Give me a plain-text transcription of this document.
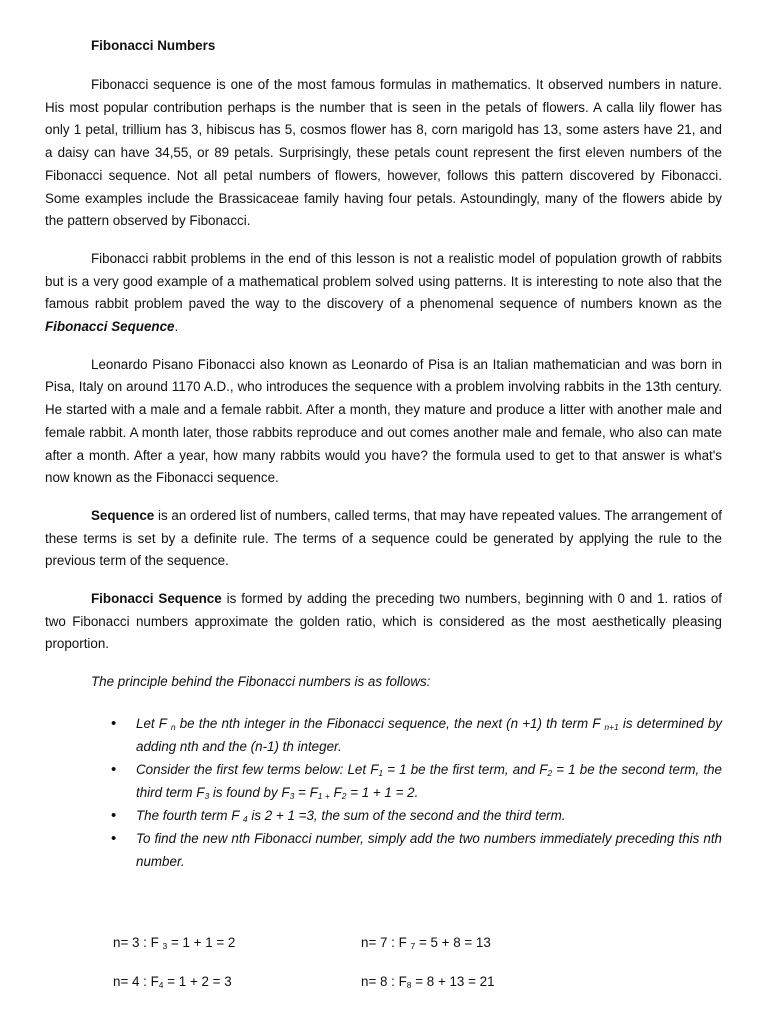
Fibonacci Numbers

Fibonacci sequence is one of the most famous formulas in mathematics. It observed numbers in nature. His most popular contribution perhaps is the number that is seen in the petals of flowers. A calla lily flower has only 1 petal, trillium has 3, hibiscus has 5, cosmos flower has 8, corn marigold has 13, some asters have 21, and a daisy can have 34,55, or 89 petals. Surprisingly, these petals count represent the first eleven numbers of the Fibonacci sequence. Not all petal numbers of flowers, however, follows this pattern discovered by Fibonacci. Some examples include the Brassicaceae family having four petals. Astoundingly, many of the flowers abide by the pattern observed by Fibonacci.

Fibonacci rabbit problems in the end of this lesson is not a realistic model of population growth of rabbits but is a very good example of a mathematical problem solved using patterns. It is interesting to note also that the famous rabbit problem paved the way to the discovery of a phenomenal sequence of numbers known as the Fibonacci Sequence.

Leonardo Pisano Fibonacci also known as Leonardo of Pisa is an Italian mathematician and was born in Pisa, Italy on around 1170 A.D., who introduces the sequence with a problem involving rabbits in the 13th century. He started with a male and a female rabbit. After a month, they mature and produce a litter with another male and female rabbit. A month later, those rabbits reproduce and out comes another male and female, who also can mate after a month. After a year, how many rabbits would you have? the formula used to get to that answer is what's now known as the Fibonacci sequence.

Sequence is an ordered list of numbers, called terms, that may have repeated values. The arrangement of these terms is set by a definite rule. The terms of a sequence could be generated by applying the rule to the previous term of the sequence.

Fibonacci Sequence is formed by adding the preceding two numbers, beginning with 0 and 1. ratios of two Fibonacci numbers approximate the golden ratio, which is considered as the most aesthetically pleasing proportion.

The principle behind the Fibonacci numbers is as follows:
• Let F $_n$ be the nth integer in the Fibonacci sequence, the next (n +1) th term F $_{n+1}$ is determined by adding nth and the (n-1) th integer.
• Consider the first few terms below: Let $F_1 = 1$ be the first term, and $F_2 = 1$ be the second term, the third term $F_3$ is found by $F_3 = F_{1 +}$ $F_2 = 1 + 1 = 2$.
• The fourth term F $_4$ is 2 + 1 =3, the sum of the second and the third term.
• To find the new nth Fibonacci number, simply add the two numbers immediately preceding this nth number.
n= 3 : F $_3$ = 1 + 1 = 2	n= 7 : F $_7$ = 5 + 8 = 13
n= 4 : $F_4 = 1 + 2 = 3$	n= 8 : $F_8 = 8 + 13 = 21$
